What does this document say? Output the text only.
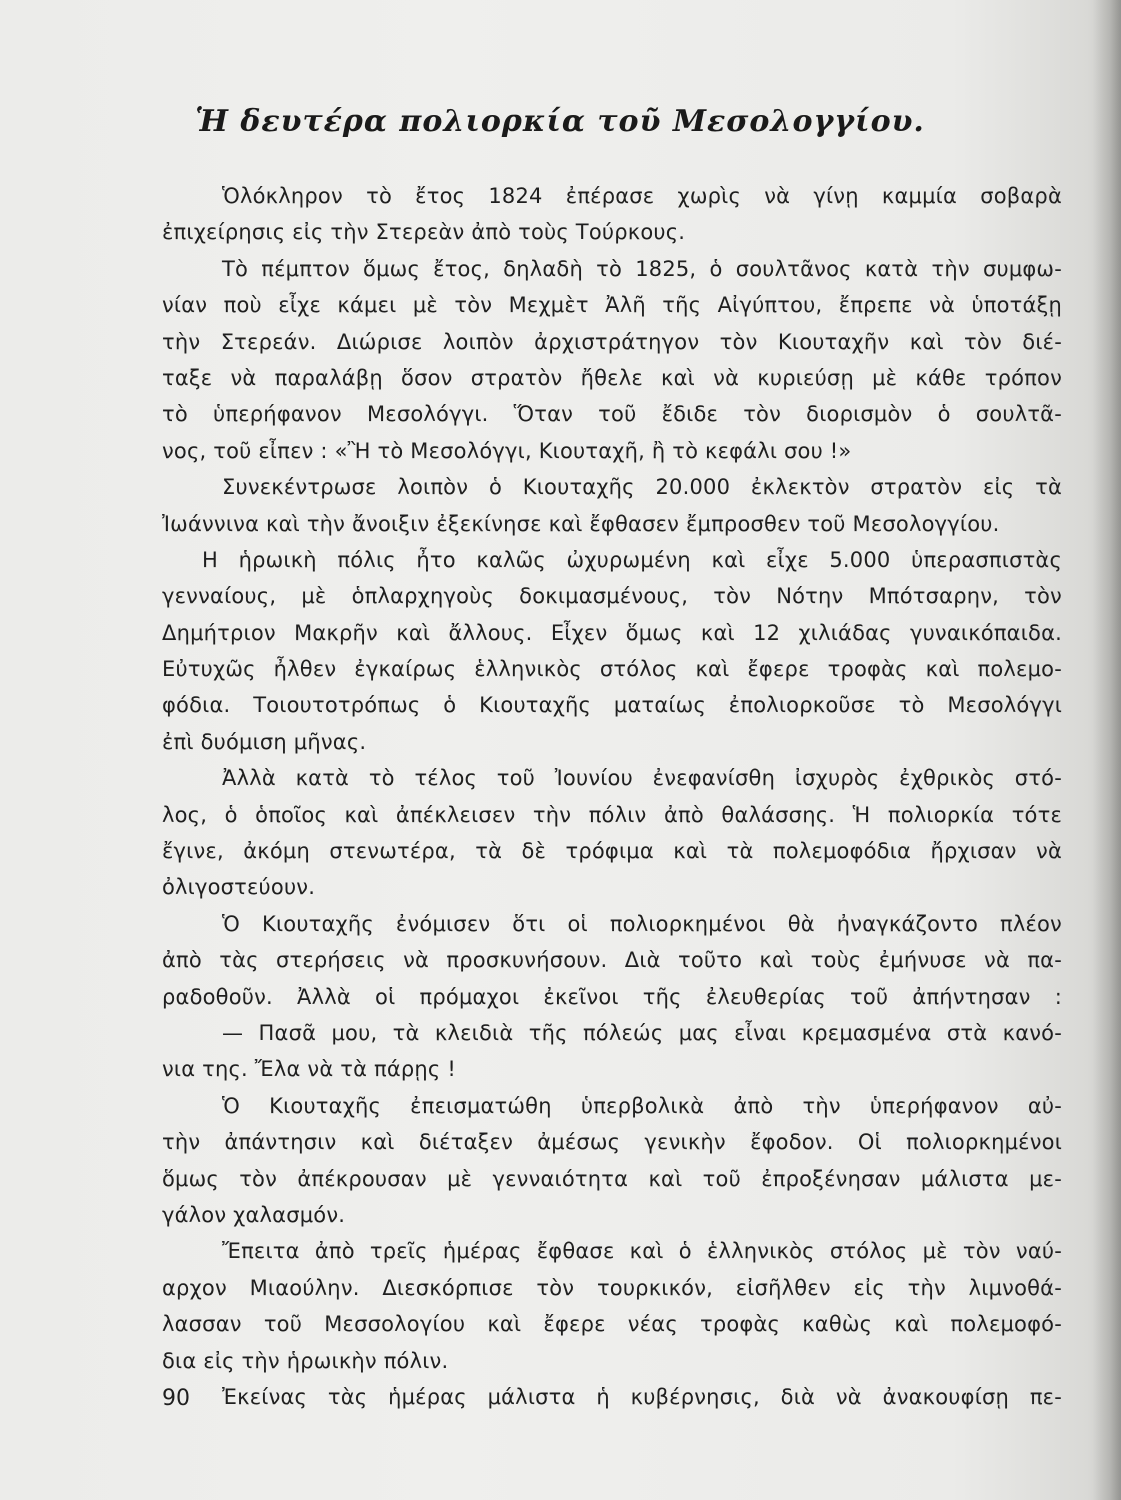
Ἡ δευτέρα πολιορκία τοῦ Μεσολογγίου.
Ὁλόκληρον τὸ ἔτος 1824 ἐπέρασε χωρὶς νὰ γίνῃ καμμία σοβαρὰ
ἐπιχείρησις εἰς τὴν Στερεὰν ἀπὸ τοὺς Τούρκους.
Τὸ πέμπτον ὅμως ἔτος, δηλαδὴ τὸ 1825, ὁ σουλτᾶνος κατὰ τὴν συμφω-
νίαν ποὺ εἶχε κάμει μὲ τὸν Μεχμὲτ Ἀλῆ τῆς Αἰγύπτου, ἔπρεπε νὰ ὑποτάξῃ
τὴν Στερεάν. Διώρισε λοιπὸν ἀρχιστράτηγον τὸν Κιουταχῆν καὶ τὸν διέ-
ταξε νὰ παραλάβῃ ὅσον στρατὸν ἤθελε καὶ νὰ κυριεύσῃ μὲ κάθε τρόπον
τὸ ὑπερήφανον Μεσολόγγι. Ὅταν τοῦ ἔδιδε τὸν διορισμὸν ὁ σουλτᾶ-
νος, τοῦ εἶπεν : «Ἢ τὸ Μεσολόγγι, Κιουταχῆ, ἢ τὸ κεφάλι σου !»
Συνεκέντρωσε λοιπὸν ὁ Κιουταχῆς 20.000 ἐκλεκτὸν στρατὸν εἰς τὰ
Ἰωάννινα καὶ τὴν ἄνοιξιν ἐξεκίνησε καὶ ἔφθασεν ἔμπροσθεν τοῦ Μεσολογγίου.
Η ἡρωικὴ πόλις ἦτο καλῶς ὠχυρωμένη καὶ εἶχε 5.000 ὑπερασπιστὰς
γενναίους, μὲ ὁπλαρχηγοὺς δοκιμασμένους, τὸν Νότην Μπότσαρην, τὸν
Δημήτριον Μακρῆν καὶ ἄλλους. Εἶχεν ὅμως καὶ 12 χιλιάδας γυναικόπαιδα.
Εὐτυχῶς ἦλθεν ἐγκαίρως ἑλληνικὸς στόλος καὶ ἔφερε τροφὰς καὶ πολεμο-
φόδια. Τοιουτοτρόπως ὁ Κιουταχῆς ματαίως ἐπολιορκοῦσε τὸ Μεσολόγγι
ἐπὶ δυόμιση μῆνας.
Ἀλλὰ κατὰ τὸ τέλος τοῦ Ἰουνίου ἐνεφανίσθη ἰσχυρὸς ἐχθρικὸς στό-
λος, ὁ ὁποῖος καὶ ἀπέκλεισεν τὴν πόλιν ἀπὸ θαλάσσης. Ἡ πολιορκία τότε
ἔγινε, ἀκόμη στενωτέρα, τὰ δὲ τρόφιμα καὶ τὰ πολεμοφόδια ἤρχισαν νὰ
ὀλιγοστεύουν.
Ὁ Κιουταχῆς ἐνόμισεν ὅτι οἱ πολιορκημένοι θὰ ἠναγκάζοντο πλέον
ἀπὸ τὰς στερήσεις νὰ προσκυνήσουν. Διὰ τοῦτο καὶ τοὺς ἐμήνυσε νὰ πα-
ραδοθοῦν. Ἀλλὰ οἱ πρόμαχοι ἐκεῖνοι τῆς ἐλευθερίας τοῦ ἀπήντησαν :
— Πασᾶ μου, τὰ κλειδιὰ τῆς πόλεώς μας εἶναι κρεμασμένα στὰ κανό-
νια της. Ἔλα νὰ τὰ πάρῃς !
Ὁ Κιουταχῆς ἐπεισματώθη ὑπερβολικὰ ἀπὸ τὴν ὑπερήφανον αὐ-
τὴν ἀπάντησιν καὶ διέταξεν ἀμέσως γενικὴν ἔφοδον. Οἱ πολιορκημένοι
ὅμως τὸν ἀπέκρουσαν μὲ γενναιότητα καὶ τοῦ ἐπροξένησαν μάλιστα με-
γάλον χαλασμόν.
Ἔπειτα ἀπὸ τρεῖς ἡμέρας ἔφθασε καὶ ὁ ἑλληνικὸς στόλος μὲ τὸν ναύ-
αρχον Μιαούλην. Διεσκόρπισε τὸν τουρκικόν, εἰσῆλθεν εἰς τὴν λιμνοθά-
λασσαν τοῦ Μεσσολογίου καὶ ἔφερε νέας τροφὰς καθὼς καὶ πολεμοφό-
δια εἰς τὴν ἡρωικὴν πόλιν.
Ἐκείνας τὰς ἡμέρας μάλιστα ἡ κυβέρνησις, διὰ νὰ ἀνακουφίσῃ πε-
90
